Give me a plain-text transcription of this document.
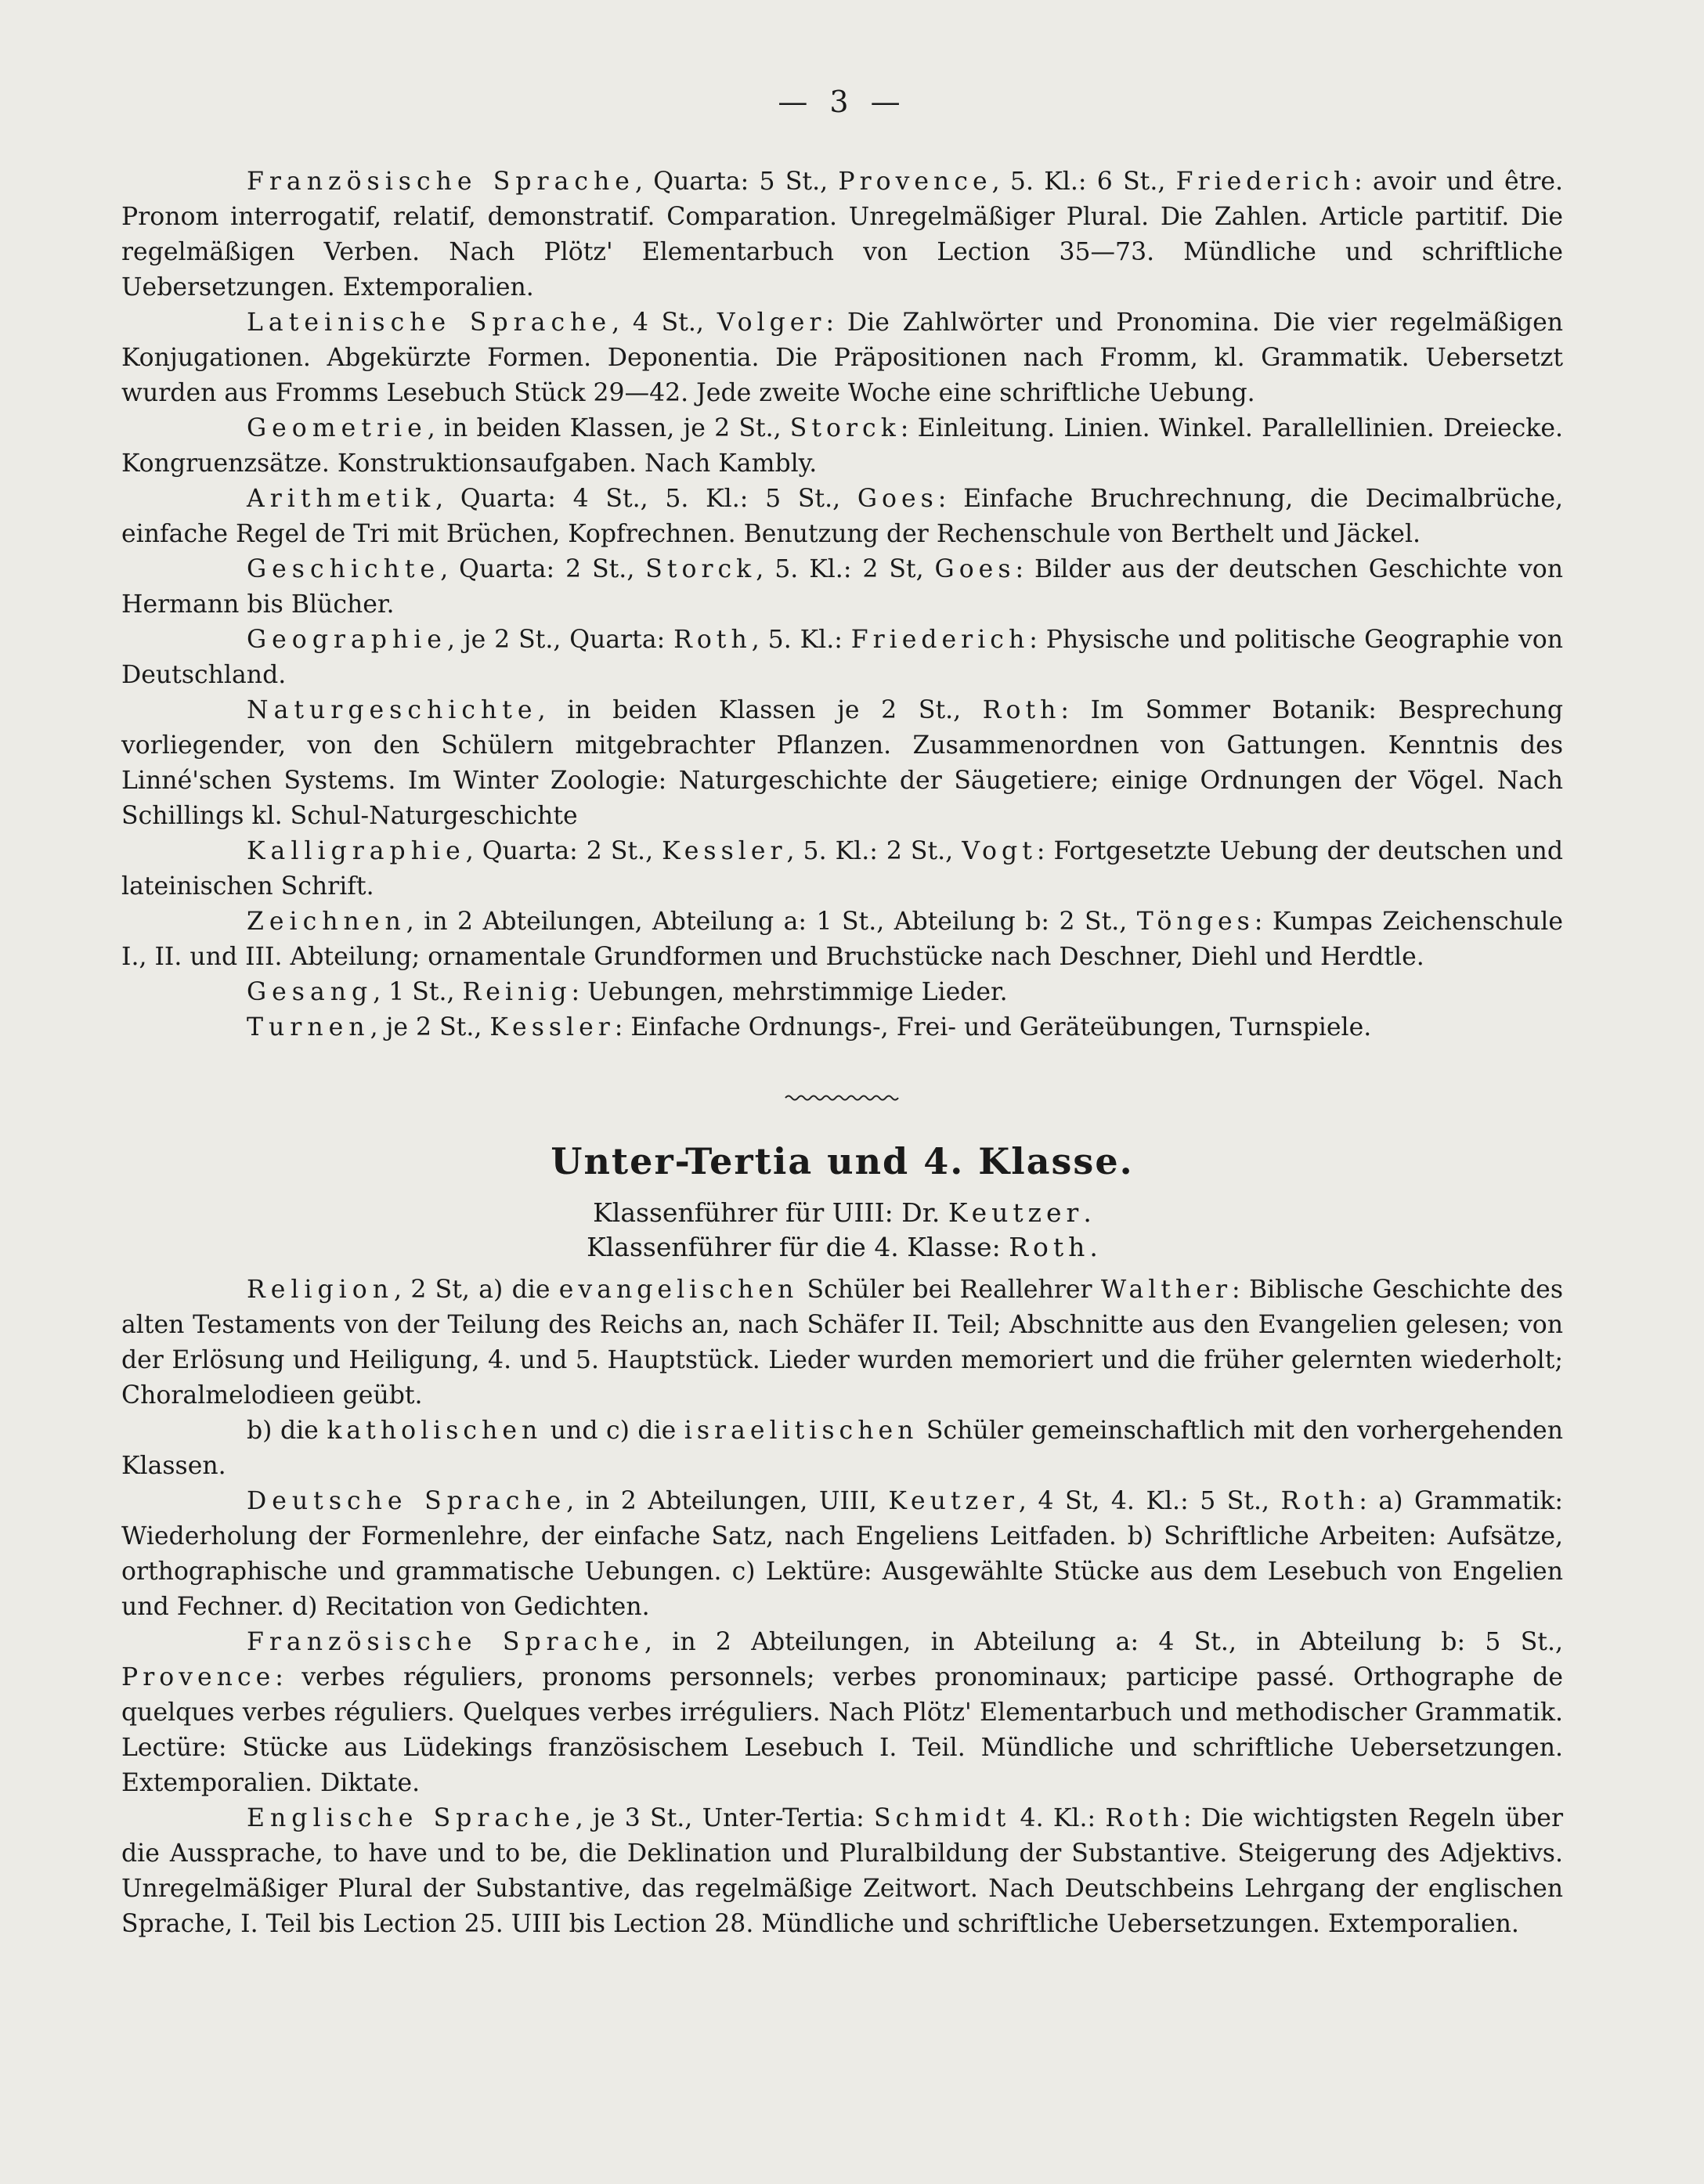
— 3 —

Französische Sprache, Quarta: 5 St., Provence, 5. Kl.: 6 St., Friederich: avoir und être. Pronom interrogatif, relatif, demonstratif. Comparation. Unregelmäßiger Plural. Die Zahlen. Article partitif. Die regelmäßigen Verben. Nach Plötz' Elementarbuch von Lection 35—73. Mündliche und schriftliche Uebersetzungen. Extemporalien.

Lateinische Sprache, 4 St., Volger: Die Zahlwörter und Pronomina. Die vier regelmäßigen Konjugationen. Abgekürzte Formen. Deponentia. Die Präpositionen nach Fromm, kl. Grammatik. Uebersetzt wurden aus Fromms Lesebuch Stück 29—42. Jede zweite Woche eine schriftliche Uebung.

Geometrie, in beiden Klassen, je 2 St., Storck: Einleitung. Linien. Winkel. Parallellinien. Dreiecke. Kongruenzsätze. Konstruktionsaufgaben. Nach Kambly.

Arithmetik, Quarta: 4 St., 5. Kl.: 5 St., Goes: Einfache Bruchrechnung, die Decimalbrüche, einfache Regel de Tri mit Brüchen, Kopfrechnen. Benutzung der Rechenschule von Berthelt und Jäckel.

Geschichte, Quarta: 2 St., Storck, 5. Kl.: 2 St, Goes: Bilder aus der deutschen Geschichte von Hermann bis Blücher.

Geographie, je 2 St., Quarta: Roth, 5. Kl.: Friederich: Physische und politische Geographie von Deutschland.

Naturgeschichte, in beiden Klassen je 2 St., Roth: Im Sommer Botanik: Besprechung vorliegender, von den Schülern mitgebrachter Pflanzen. Zusammenordnen von Gattungen. Kenntnis des Linné'schen Systems. Im Winter Zoologie: Naturgeschichte der Säugetiere; einige Ordnungen der Vögel. Nach Schillings kl. Schul-Naturgeschichte

Kalligraphie, Quarta: 2 St., Kessler, 5. Kl.: 2 St., Vogt: Fortgesetzte Uebung der deutschen und lateinischen Schrift.

Zeichnen, in 2 Abteilungen, Abteilung a: 1 St., Abteilung b: 2 St., Tönges: Kumpas Zeichenschule I., II. und III. Abteilung; ornamentale Grundformen und Bruchstücke nach Deschner, Diehl und Herdtle.

Gesang, 1 St., Reinig: Uebungen, mehrstimmige Lieder.

Turnen, je 2 St., Kessler: Einfache Ordnungs-, Frei- und Geräteübungen, Turnspiele.

Unter-Tertia und 4. Klasse.

Klassenführer für UIII: Dr. Keutzer.

Klassenführer für die 4. Klasse: Roth.

Religion, 2 St, a) die evangelischen Schüler bei Reallehrer Walther: Biblische Geschichte des alten Testaments von der Teilung des Reichs an, nach Schäfer II. Teil; Abschnitte aus den Evangelien gelesen; von der Erlösung und Heiligung, 4. und 5. Hauptstück. Lieder wurden memoriert und die früher gelernten wiederholt; Choralmelodieen geübt.

b) die katholischen und c) die israelitischen Schüler gemeinschaftlich mit den vorhergehenden Klassen.

Deutsche Sprache, in 2 Abteilungen, UIII, Keutzer, 4 St, 4. Kl.: 5 St., Roth: a) Grammatik: Wiederholung der Formenlehre, der einfache Satz, nach Engeliens Leitfaden. b) Schriftliche Arbeiten: Aufsätze, orthographische und grammatische Uebungen. c) Lektüre: Ausgewählte Stücke aus dem Lesebuch von Engelien und Fechner. d) Recitation von Gedichten.

Französische Sprache, in 2 Abteilungen, in Abteilung a: 4 St., in Abteilung b: 5 St., Provence: verbes réguliers, pronoms personnels; verbes pronominaux; participe passé. Orthographe de quelques verbes réguliers. Quelques verbes irréguliers. Nach Plötz' Elementarbuch und methodischer Grammatik. Lectüre: Stücke aus Lüdekings französischem Lesebuch I. Teil. Mündliche und schriftliche Uebersetzungen. Extemporalien. Diktate.

Englische Sprache, je 3 St., Unter-Tertia: Schmidt 4. Kl.: Roth: Die wichtigsten Regeln über die Aussprache, to have und to be, die Deklination und Pluralbildung der Substantive. Steigerung des Adjektivs. Unregelmäßiger Plural der Substantive, das regelmäßige Zeitwort. Nach Deutschbeins Lehrgang der englischen Sprache, I. Teil bis Lection 25. UIII bis Lection 28. Mündliche und schriftliche Uebersetzungen. Extemporalien.
